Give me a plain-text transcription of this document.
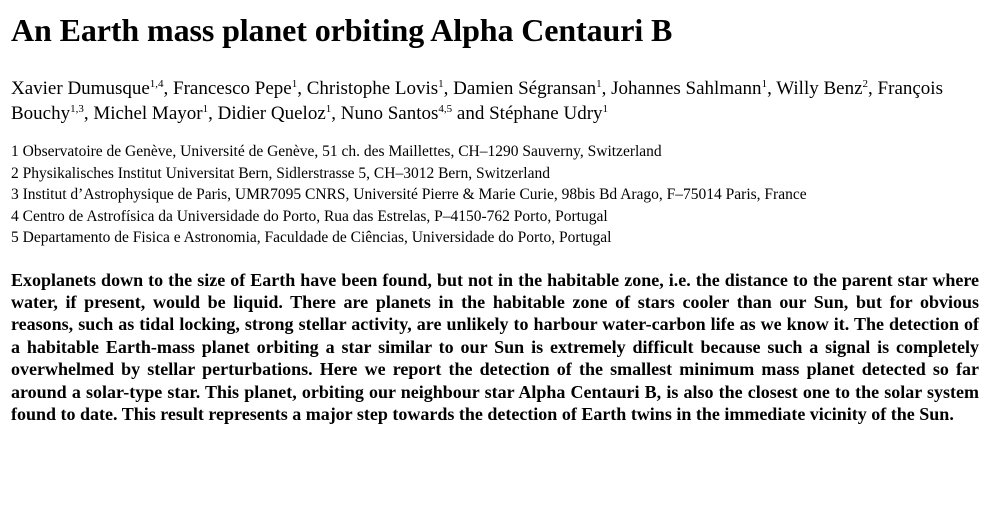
An Earth mass planet orbiting Alpha Centauri B
Xavier Dumusque$^{1,4}$, Francesco Pepe$^1$, Christophe Lovis$^1$, Damien Ségransan$^1$, Johannes Sahlmann$^1$, Willy Benz$^2$, François Bouchy$^{1,3}$, Michel Mayor$^1$, Didier Queloz$^1$, Nuno Santos$^{4,5}$ and Stéphane Udry$^1$
1 Observatoire de Genève, Université de Genève, 51 ch. des Maillettes, CH–1290 Sauverny, Switzerland
2 Physikalisches Institut Universitat Bern, Sidlerstrasse 5, CH–3012 Bern, Switzerland
3 Institut d’Astrophysique de Paris, UMR7095 CNRS, Université Pierre & Marie Curie, 98bis Bd Arago, F–75014 Paris, France
4 Centro de Astrofísica da Universidade do Porto, Rua das Estrelas, P–4150-762 Porto, Portugal
5 Departamento de Fisica e Astronomia, Faculdade de Ciências, Universidade do Porto, Portugal

Exoplanets down to the size of Earth have been found, but not in the habitable zone, i.e. the distance to the parent star where water, if present, would be liquid. There are planets in the habitable zone of stars cooler than our Sun, but for obvious reasons, such as tidal locking, strong stellar activity, are unlikely to harbour water-carbon life as we know it. The detection of a habitable Earth-mass planet orbiting a star similar to our Sun is extremely difficult because such a signal is completely overwhelmed by stellar perturbations. Here we report the detection of the smallest minimum mass planet detected so far around a solar-type star. This planet, orbiting our neighbour star Alpha Centauri B, is also the closest one to the solar system found to date. This result represents a major step towards the detection of Earth twins in the immediate vicinity of the Sun.
